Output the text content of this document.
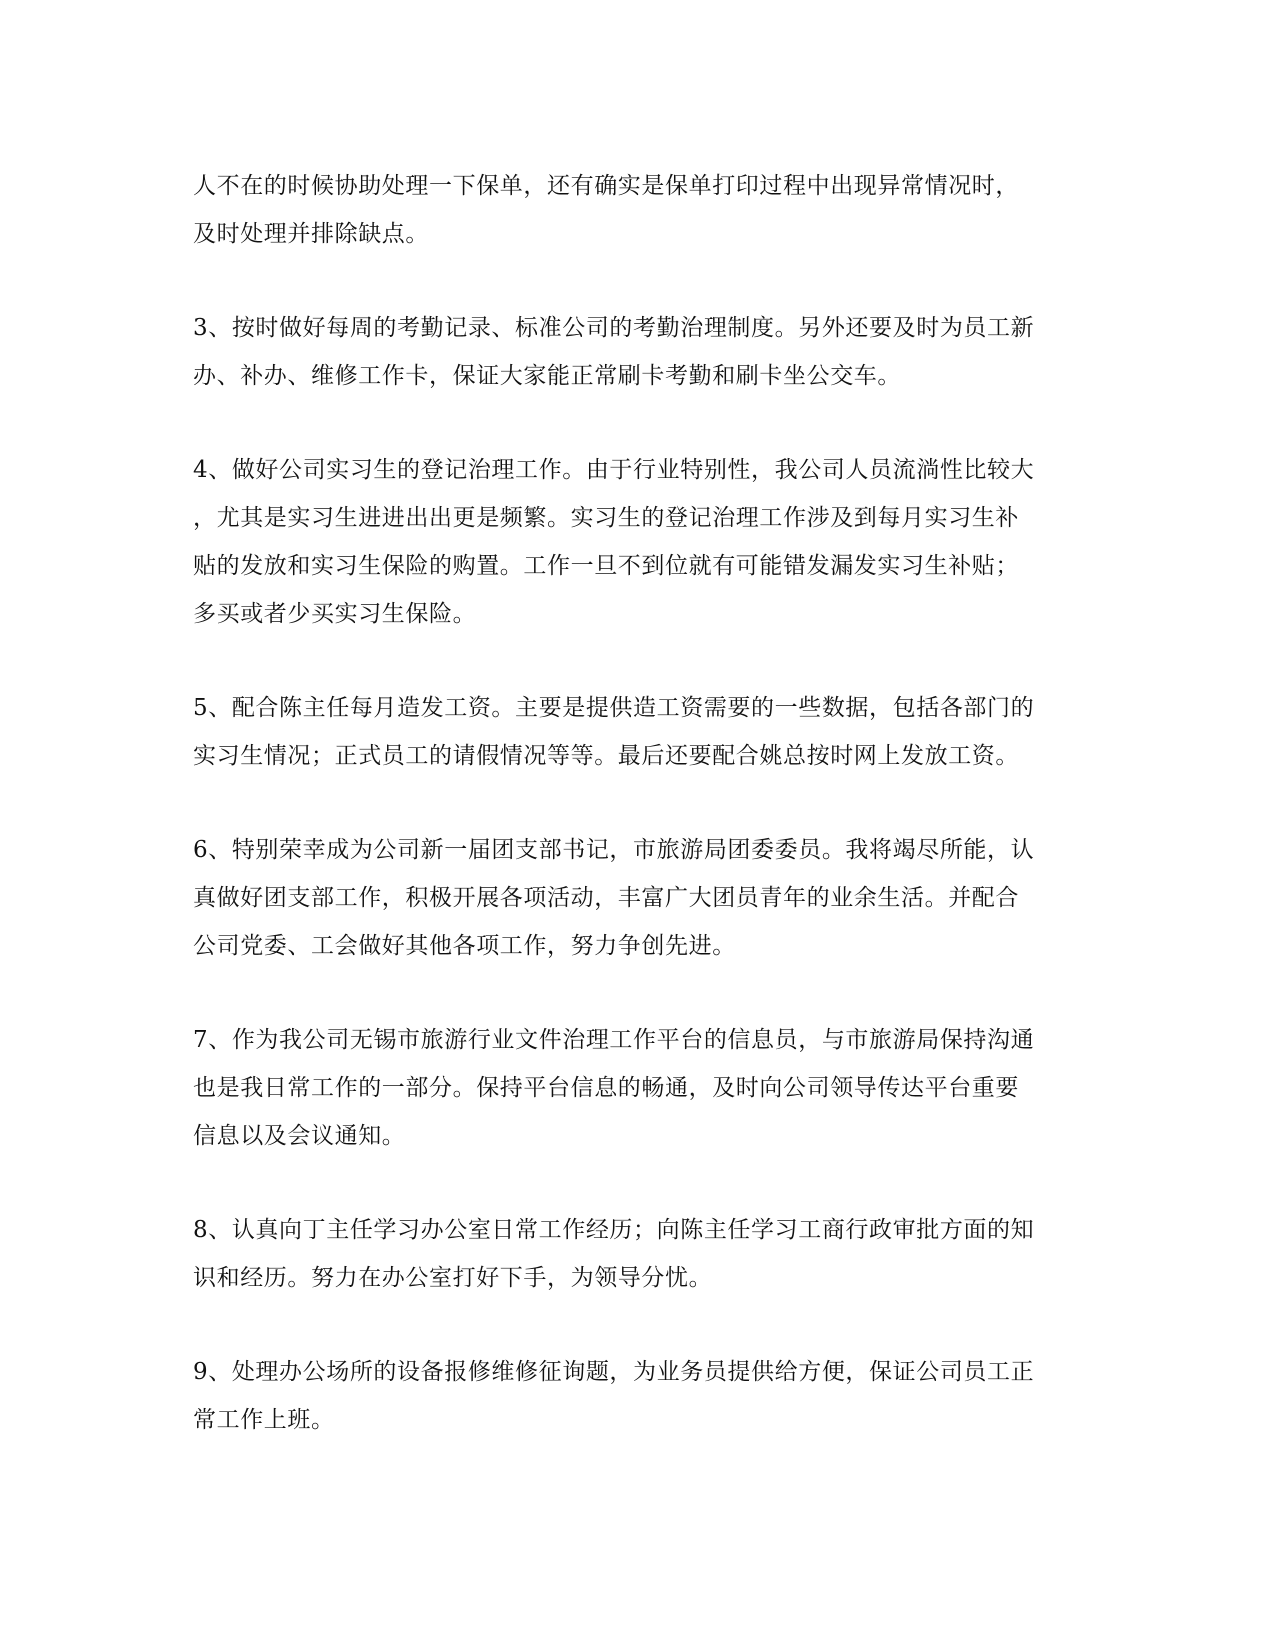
人不在的时候协助处理一下保单，还有确实是保单打印过程中出现异常情况时，
及时处理并排除缺点。

3、按时做好每周的考勤记录、标准公司的考勤治理制度。另外还要及时为员工新
办、补办、维修工作卡，保证大家能正常刷卡考勤和刷卡坐公交车。

4、做好公司实习生的登记治理工作。由于行业特别性，我公司人员流淌性比较大
，尤其是实习生进进出出更是频繁。实习生的登记治理工作涉及到每月实习生补
贴的发放和实习生保险的购置。工作一旦不到位就有可能错发漏发实习生补贴；
多买或者少买实习生保险。

5、配合陈主任每月造发工资。主要是提供造工资需要的一些数据，包括各部门的
实习生情况；正式员工的请假情况等等。最后还要配合姚总按时网上发放工资。

6、特别荣幸成为公司新一届团支部书记，市旅游局团委委员。我将竭尽所能，认
真做好团支部工作，积极开展各项活动，丰富广大团员青年的业余生活。并配合
公司党委、工会做好其他各项工作，努力争创先进。

7、作为我公司无锡市旅游行业文件治理工作平台的信息员，与市旅游局保持沟通
也是我日常工作的一部分。保持平台信息的畅通，及时向公司领导传达平台重要
信息以及会议通知。

8、认真向丁主任学习办公室日常工作经历；向陈主任学习工商行政审批方面的知
识和经历。努力在办公室打好下手，为领导分忧。

9、处理办公场所的设备报修维修征询题，为业务员提供给方便，保证公司员工正
常工作上班。
